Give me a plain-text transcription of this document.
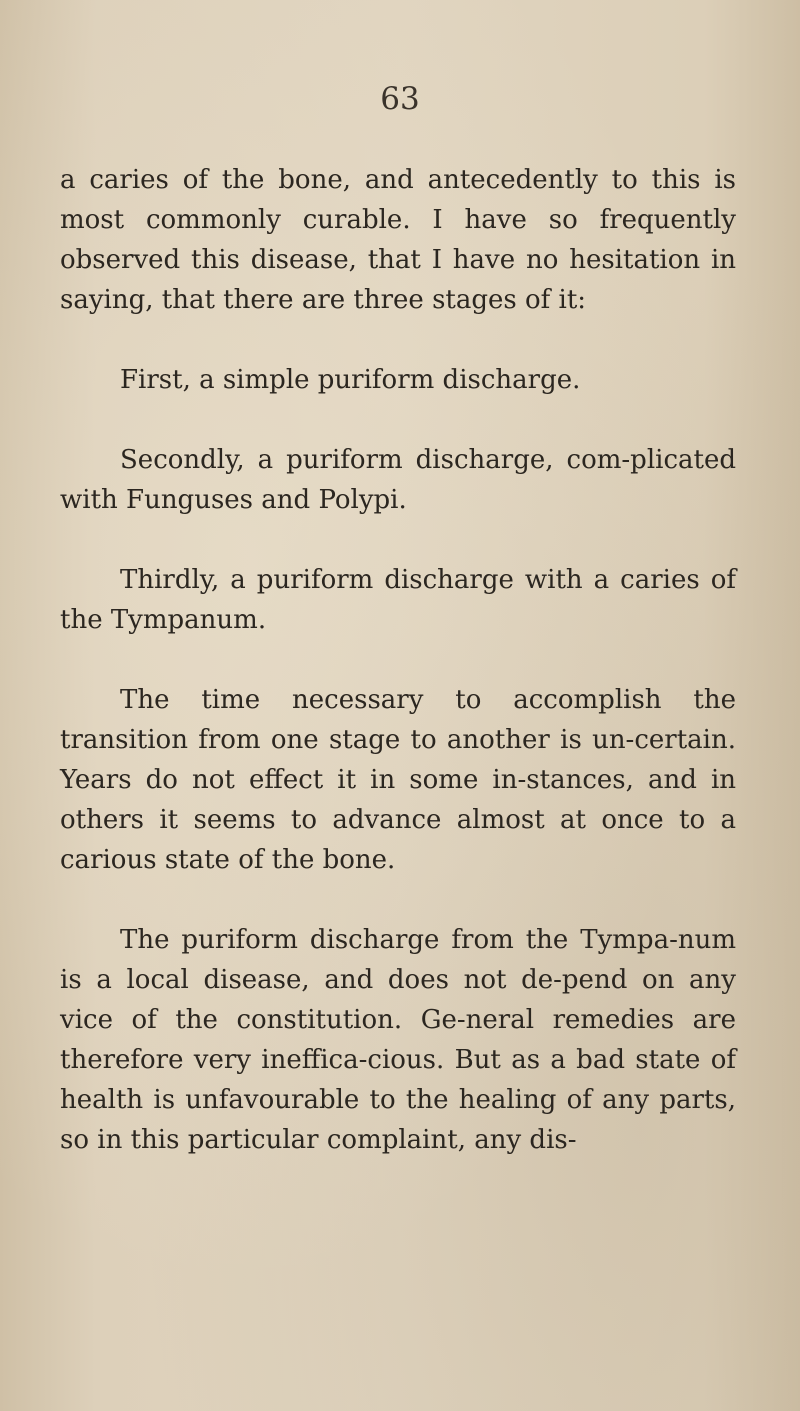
63

a caries of the bone, and antecedently to this is most commonly curable. I have so frequently observed this disease, that I have no hesitation in saying, that there are three stages of it:

First, a simple puriform discharge.

Secondly, a puriform discharge, com-plicated with Funguses and Polypi.

Thirdly, a puriform discharge with a caries of the Tympanum.

The time necessary to accomplish the transition from one stage to another is un-certain. Years do not effect it in some in-stances, and in others it seems to advance almost at once to a carious state of the bone.

The puriform discharge from the Tympa-num is a local disease, and does not de-pend on any vice of the constitution. Ge-neral remedies are therefore very ineffica-cious. But as a bad state of health is unfavourable to the healing of any parts, so in this particular complaint, any dis-
